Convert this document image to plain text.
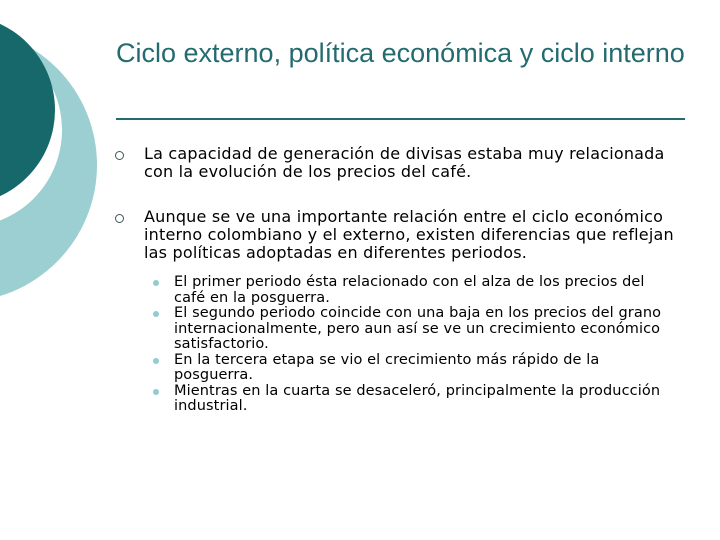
Ciclo externo, política económica y ciclo interno
La capacidad de generación de divisas estaba muy relacionada con la evolución de los precios del café.
Aunque se ve una importante relación entre el ciclo económico interno colombiano y el externo, existen diferencias que reflejan las políticas adoptadas en diferentes periodos.
El primer periodo ésta relacionado con el alza de los precios del café en la posguerra.
El segundo periodo coincide con una baja en los precios del grano internacionalmente, pero aun así se ve un crecimiento económico satisfactorio.
En la tercera etapa se vio el crecimiento más rápido de la posguerra.
Mientras en la cuarta se desaceleró, principalmente la producción industrial.
